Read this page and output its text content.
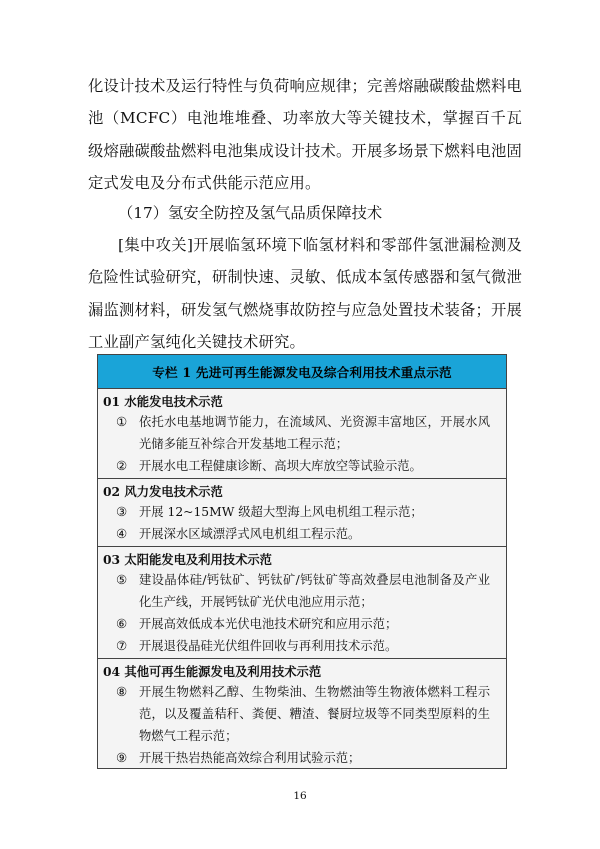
化设计技术及运行特性与负荷响应规律；完善熔融碳酸盐燃料电池（MCFC）电池堆堆叠、功率放大等关键技术，掌握百千瓦级熔融碳酸盐燃料电池集成设计技术。开展多场景下燃料电池固定式发电及分布式供能示范应用。

（17）氢安全防控及氢气品质保障技术

[集中攻关]开展临氢环境下临氢材料和零部件氢泄漏检测及危险性试验研究，研制快速、灵敏、低成本氢传感器和氢气微泄漏监测材料，研发氢气燃烧事故防控与应急处置技术装备；开展工业副产氢纯化关键技术研究。

专栏 1 先进可再生能源发电及综合利用技术重点示范
01 水能发电技术示范
① 依托水电基地调节能力，在流域风、光资源丰富地区，开展水风光储多能互补综合开发基地工程示范；
② 开展水电工程健康诊断、高坝大库放空等试验示范。
02 风力发电技术示范
③ 开展 12~15MW 级超大型海上风电机组工程示范；
④ 开展深水区域漂浮式风电机组工程示范。
03 太阳能发电及利用技术示范
⑤ 建设晶体硅/钙钛矿、钙钛矿/钙钛矿等高效叠层电池制备及产业化生产线，开展钙钛矿光伏电池应用示范；
⑥ 开展高效低成本光伏电池技术研究和应用示范；
⑦ 开展退役晶硅光伏组件回收与再利用技术示范。
04 其他可再生能源发电及利用技术示范
⑧ 开展生物燃料乙醇、生物柴油、生物燃油等生物液体燃料工程示范，以及覆盖秸秆、粪便、糟渣、餐厨垃圾等不同类型原料的生物燃气工程示范；
⑨ 开展干热岩热能高效综合利用试验示范；
16
